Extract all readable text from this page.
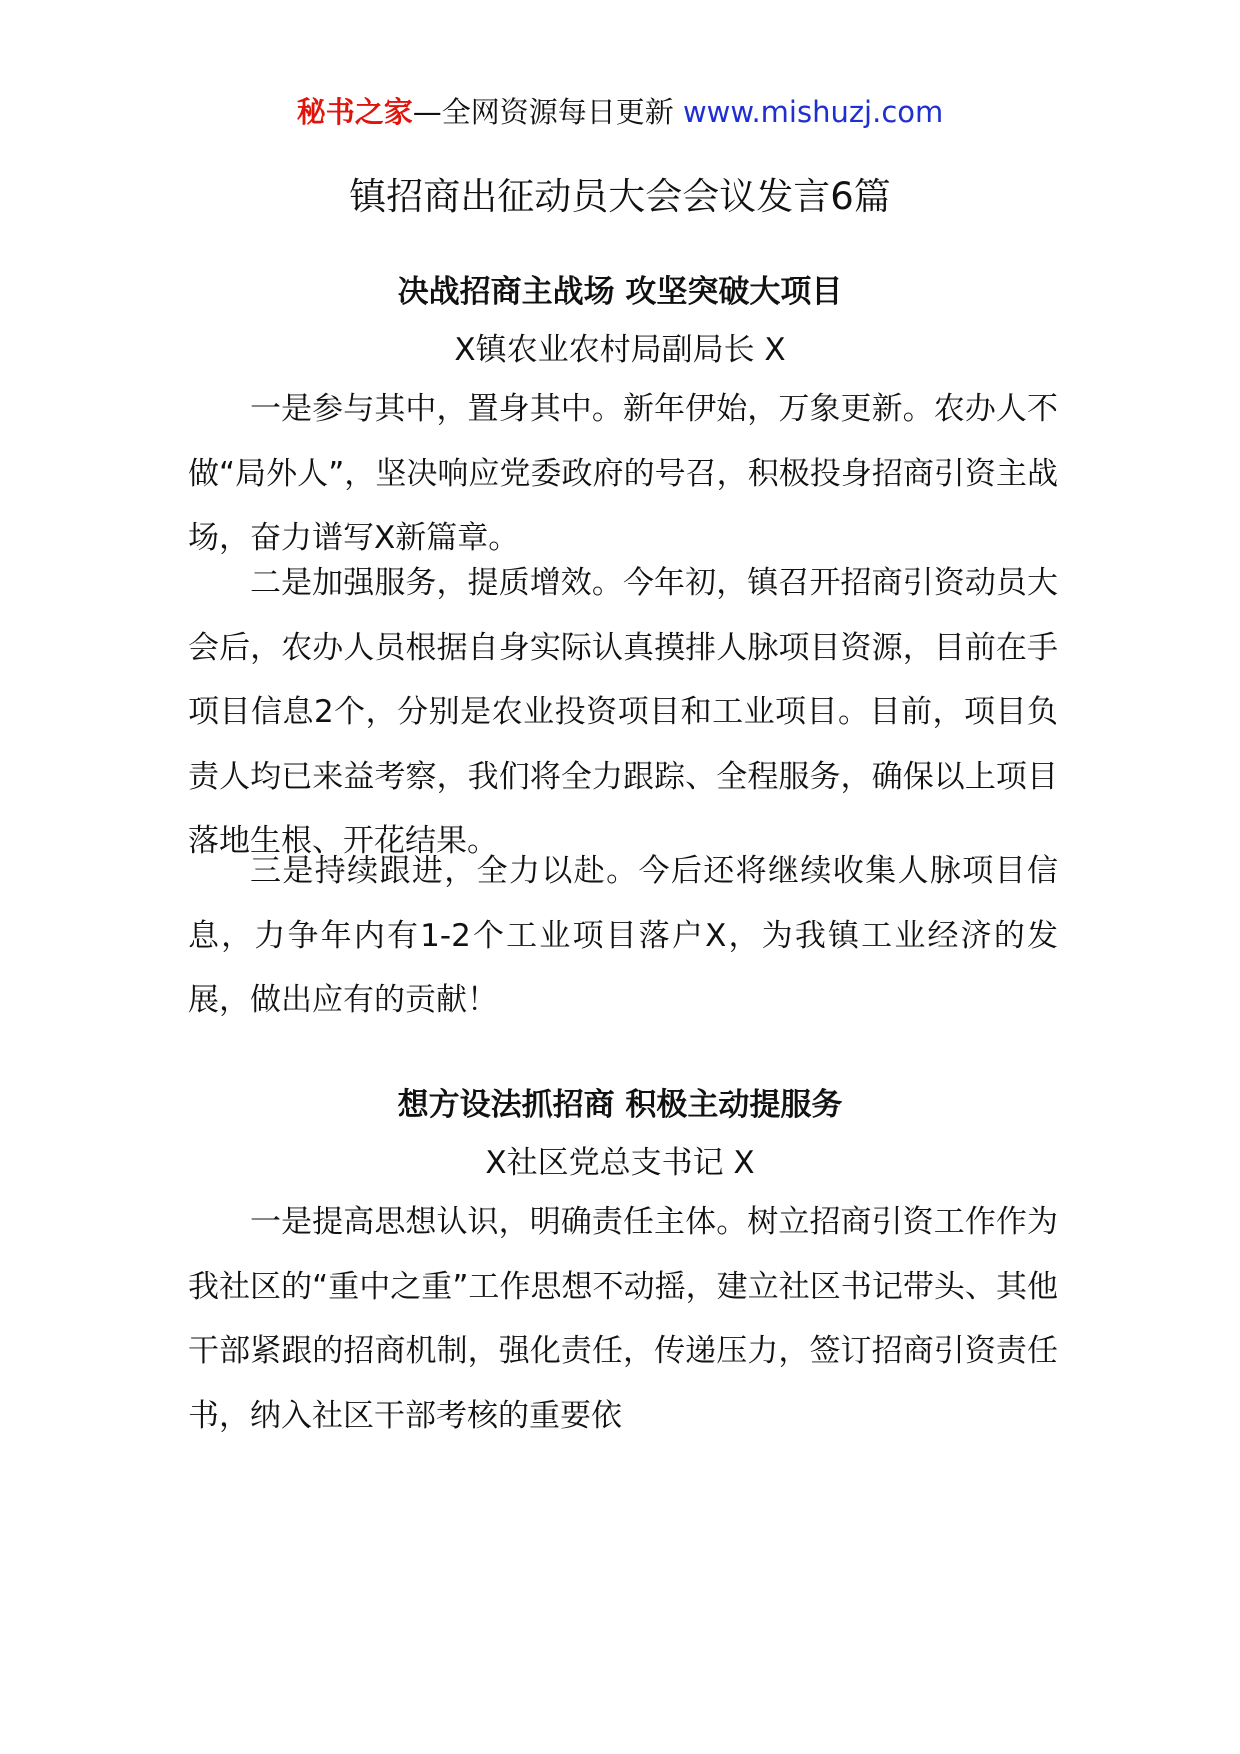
秘书之家—全网资源每日更新 www.mishuzj.com
镇招商出征动员大会会议发言6篇
决战招商主战场 攻坚突破大项目
X镇农业农村局副局长 X

一是参与其中，置身其中。新年伊始，万象更新。农办人不做“局外人”，坚决响应党委政府的号召，积极投身招商引资主战场，奋力谱写X新篇章。

二是加强服务，提质增效。今年初，镇召开招商引资动员大会后，农办人员根据自身实际认真摸排人脉项目资源，目前在手项目信息2个，分别是农业投资项目和工业项目。目前，项目负责人均已来益考察，我们将全力跟踪、全程服务，确保以上项目落地生根、开花结果。

三是持续跟进，全力以赴。今后还将继续收集人脉项目信息，力争年内有1-2个工业项目落户X，为我镇工业经济的发展，做出应有的贡献！

想方设法抓招商 积极主动提服务
X社区党总支书记 X

一是提高思想认识，明确责任主体。树立招商引资工作作为我社区的“重中之重”工作思想不动摇，建立社区书记带头、其他干部紧跟的招商机制，强化责任，传递压力，签订招商引资责任书，纳入社区干部考核的重要依
